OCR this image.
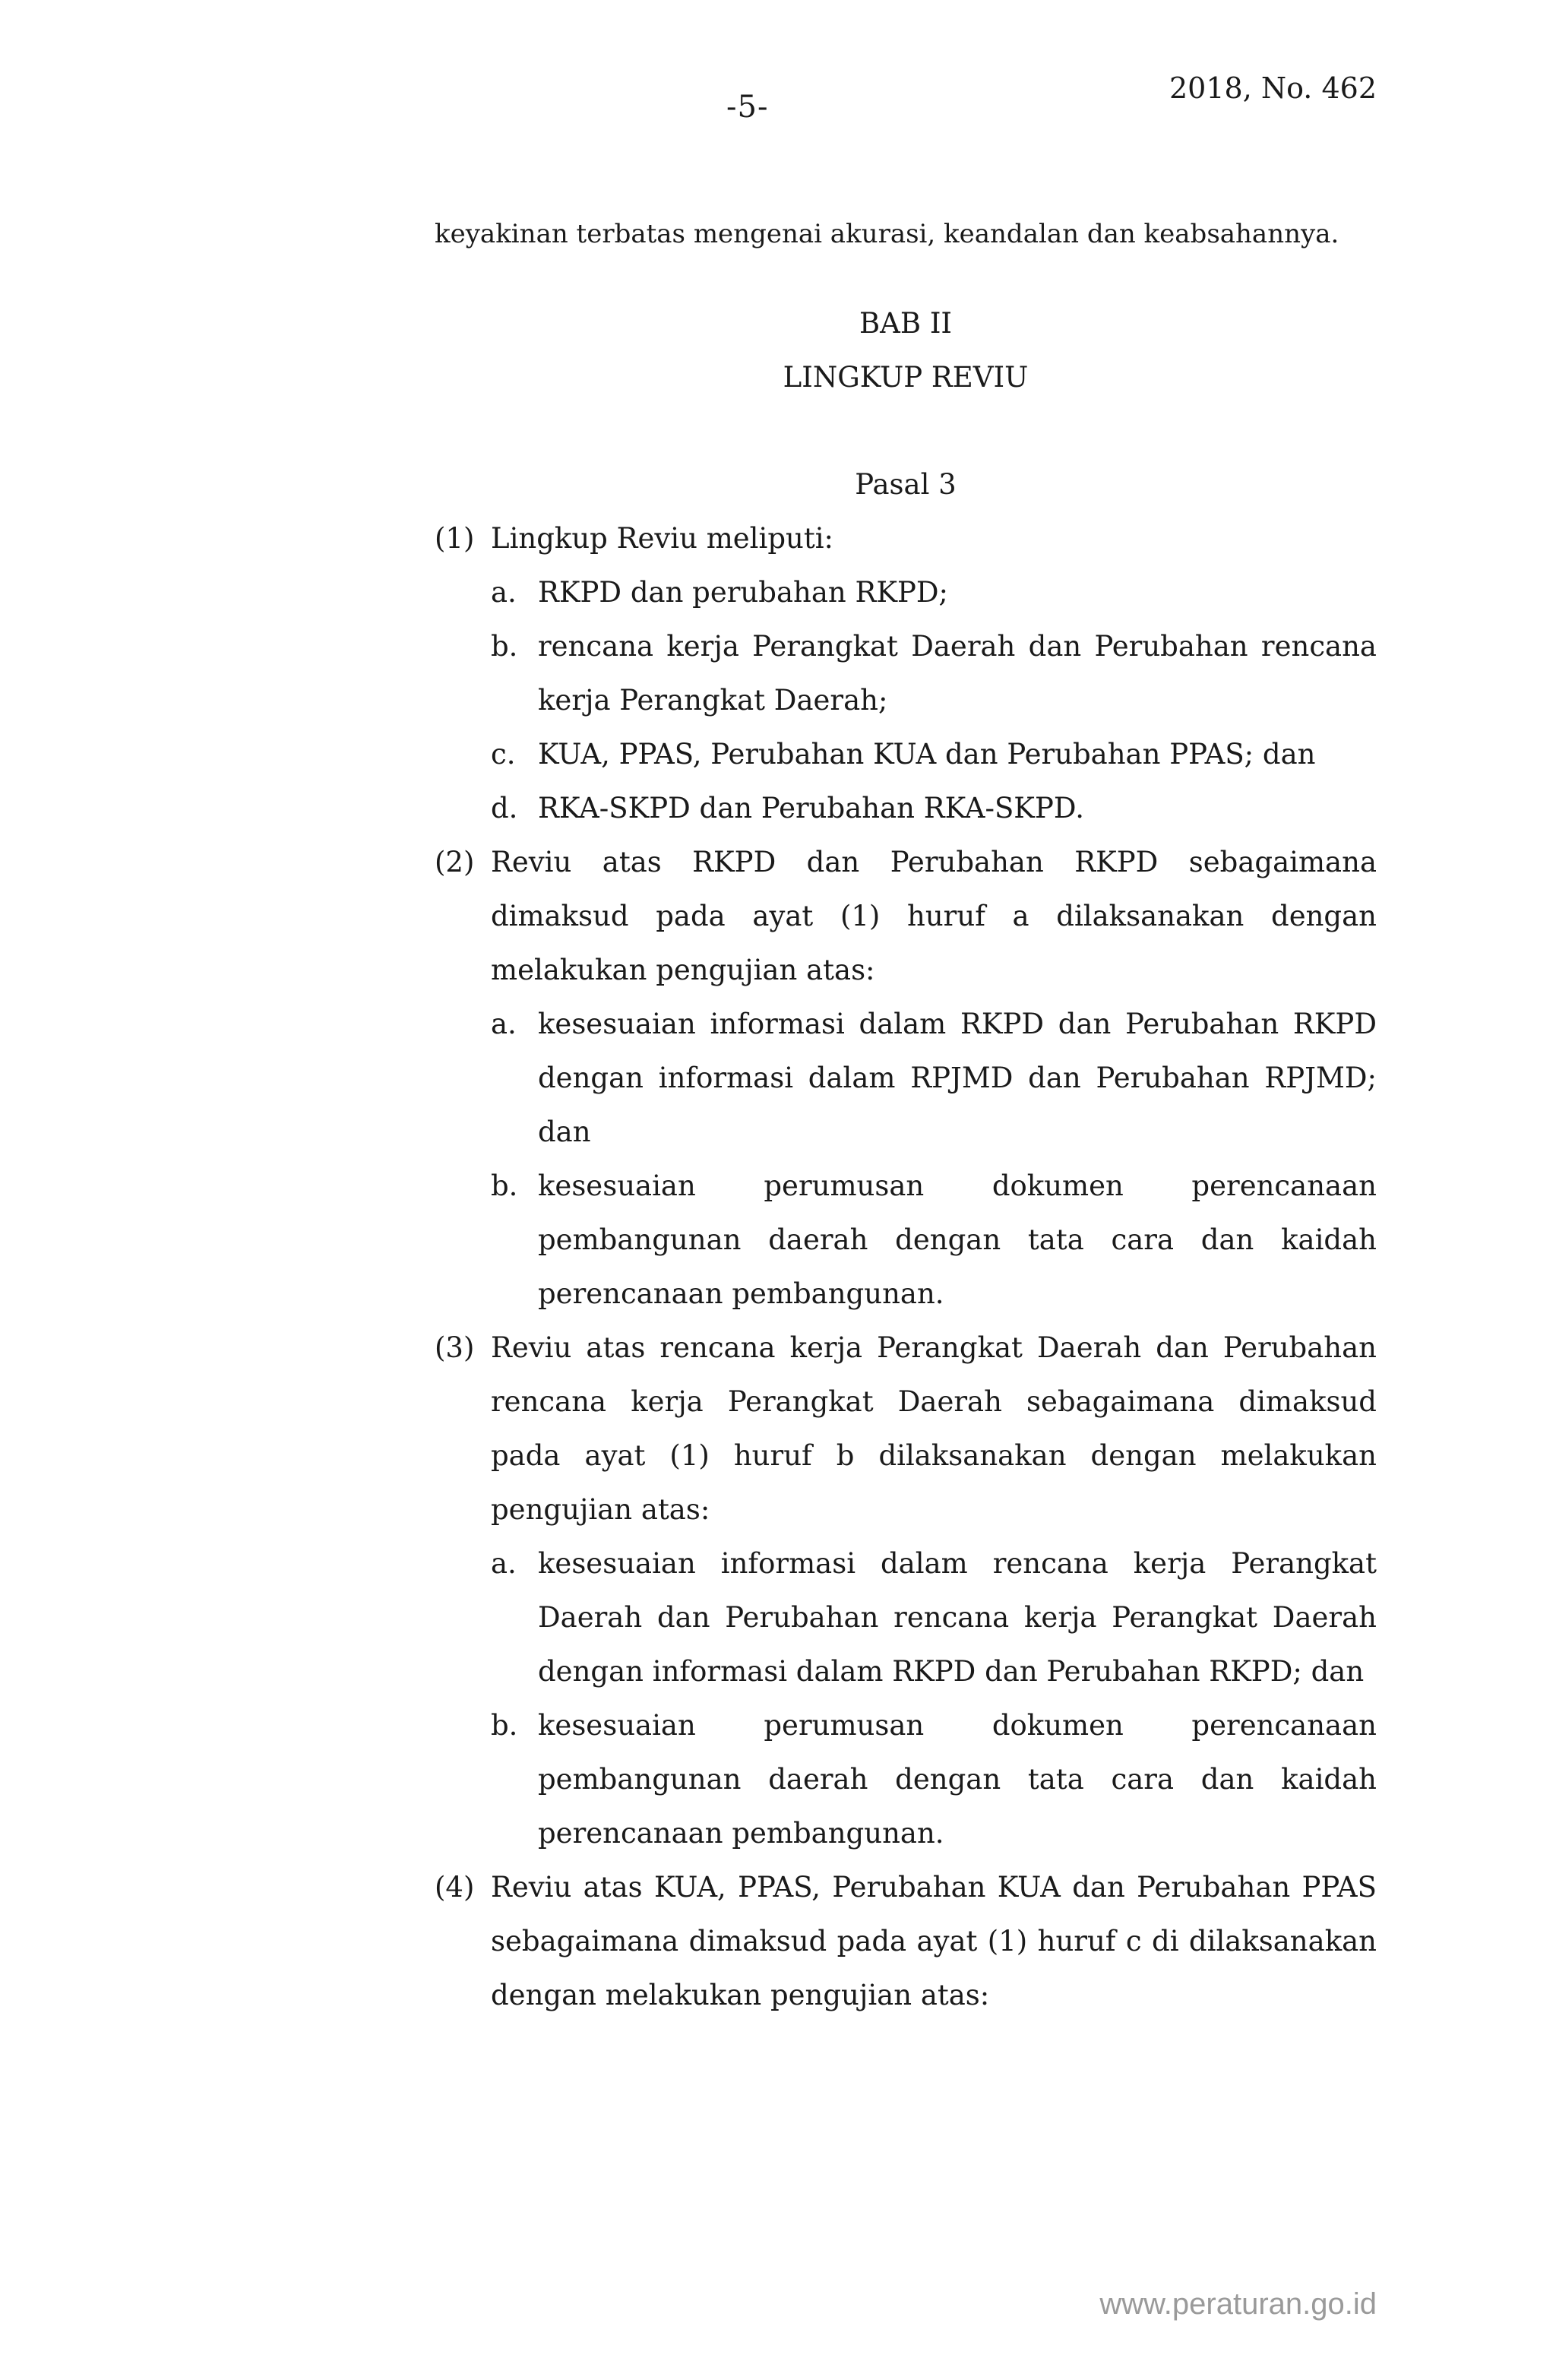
-5-
2018, No. 462
keyakinan terbatas mengenai akurasi, keandalan dan keabsahannya.
BAB II
LINGKUP REVIU
Pasal 3
(1) Lingkup Reviu meliputi:
a. RKPD dan perubahan RKPD;
b. rencana kerja Perangkat Daerah dan Perubahan rencana kerja Perangkat Daerah;
c. KUA, PPAS, Perubahan KUA dan Perubahan PPAS; dan
d. RKA-SKPD dan Perubahan RKA-SKPD.
(2) Reviu atas RKPD dan Perubahan RKPD sebagaimana dimaksud pada ayat (1) huruf a dilaksanakan dengan melakukan pengujian atas:
a. kesesuaian informasi dalam RKPD dan Perubahan RKPD dengan informasi dalam RPJMD dan Perubahan RPJMD; dan
b. kesesuaian perumusan dokumen perencanaan pembangunan daerah dengan tata cara dan kaidah perencanaan pembangunan.
(3) Reviu atas rencana kerja Perangkat Daerah dan Perubahan rencana kerja Perangkat Daerah sebagaimana dimaksud pada ayat (1) huruf b dilaksanakan dengan melakukan pengujian atas:
a. kesesuaian informasi dalam rencana kerja Perangkat Daerah dan Perubahan rencana kerja Perangkat Daerah dengan informasi dalam RKPD dan Perubahan RKPD; dan
b. kesesuaian perumusan dokumen perencanaan pembangunan daerah dengan tata cara dan kaidah perencanaan pembangunan.
(4) Reviu atas KUA, PPAS, Perubahan KUA dan Perubahan PPAS sebagaimana dimaksud pada ayat (1) huruf c di dilaksanakan dengan melakukan pengujian atas:
www.peraturan.go.id
